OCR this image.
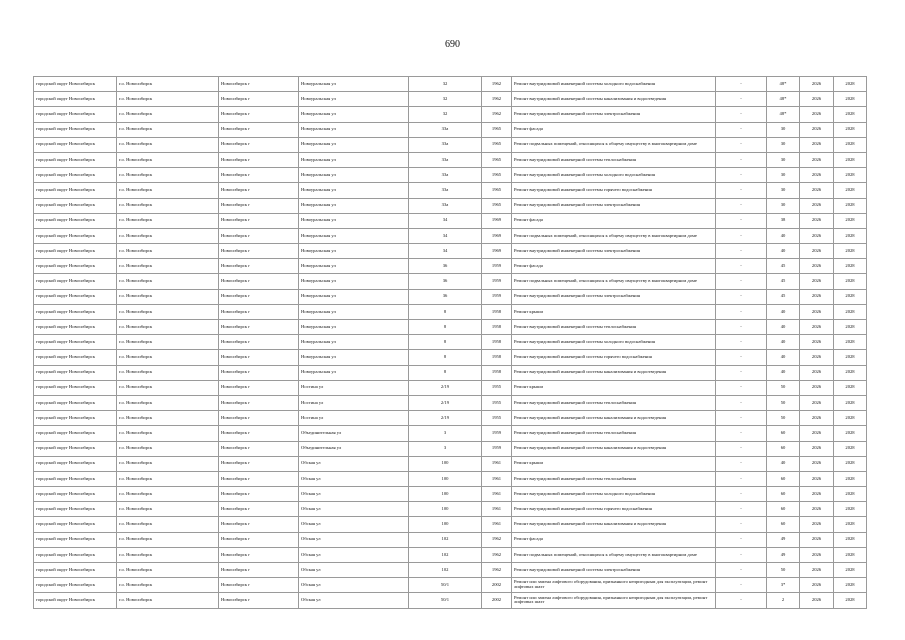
690
городской округ Новосибирск	г.о. Новосибирск	Новосибирск г	Новоуральская ул	32	1962	Ремонт внутридомовой инженерной системы холодного водоснабжения	-	48*	2026	2028
городской округ Новосибирск	г.о. Новосибирск	Новосибирск г	Новоуральская ул	32	1962	Ремонт внутридомовой инженерной системы канализования и водоотведения	-	48*	2026	2028
городской округ Новосибирск	г.о. Новосибирск	Новосибирск г	Новоуральская ул	32	1962	Ремонт внутридомовой инженерной системы электроснабжения	-	48*	2026	2028
городской округ Новосибирск	г.о. Новосибирск	Новосибирск г	Новоуральская ул	33а	1965	Ремонт фасада	-	30	2026	2028
городской округ Новосибирск	г.о. Новосибирск	Новосибирск г	Новоуральская ул	33а	1965	Ремонт подвальных помещений, относящихся к общему имуществу в многоквартирном доме	-	30	2026	2028
городской округ Новосибирск	г.о. Новосибирск	Новосибирск г	Новоуральская ул	33а	1965	Ремонт внутридомовой инженерной системы теплоснабжения	-	30	2026	2028
городской округ Новосибирск	г.о. Новосибирск	Новосибирск г	Новоуральская ул	33а	1965	Ремонт внутридомовой инженерной системы холодного водоснабжения	-	30	2026	2028
городской округ Новосибирск	г.о. Новосибирск	Новосибирск г	Новоуральская ул	33а	1965	Ремонт внутридомовой инженерной системы горячего водоснабжения	-	30	2026	2028
городской округ Новосибирск	г.о. Новосибирск	Новосибирск г	Новоуральская ул	33а	1965	Ремонт внутридомовой инженерной системы электроснабжения	-	30	2026	2028
городской округ Новосибирск	г.о. Новосибирск	Новосибирск г	Новоуральская ул	34	1969	Ремонт фасада	-	38	2026	2028
городской округ Новосибирск	г.о. Новосибирск	Новосибирск г	Новоуральская ул	34	1969	Ремонт подвальных помещений, относящихся к общему имуществу в многоквартирном доме	-	40	2026	2028
городской округ Новосибирск	г.о. Новосибирск	Новосибирск г	Новоуральская ул	34	1969	Ремонт внутридомовой инженерной системы электроснабжения	-	40	2026	2028
городской округ Новосибирск	г.о. Новосибирск	Новосибирск г	Новоуральская ул	36	1959	Ремонт фасада	-	45	2026	2028
городской округ Новосибирск	г.о. Новосибирск	Новосибирск г	Новоуральская ул	36	1959	Ремонт подвальных помещений, относящихся к общему имуществу в многоквартирном доме	-	45	2026	2028
городской округ Новосибирск	г.о. Новосибирск	Новосибирск г	Новоуральская ул	36	1959	Ремонт внутридомовой инженерной системы электроснабжения	-	45	2026	2028
городской округ Новосибирск	г.о. Новосибирск	Новосибирск г	Новоуральская ул	8	1958	Ремонт крыши	-	40	2026	2028
городской округ Новосибирск	г.о. Новосибирск	Новосибирск г	Новоуральская ул	8	1958	Ремонт внутридомовой инженерной системы теплоснабжения	-	40	2026	2028
городской округ Новосибирск	г.о. Новосибирск	Новосибирск г	Новоуральская ул	8	1958	Ремонт внутридомовой инженерной системы холодного водоснабжения	-	40	2026	2028
городской округ Новосибирск	г.о. Новосибирск	Новосибирск г	Новоуральская ул	8	1958	Ремонт внутридомовой инженерной системы горячего водоснабжения	-	40	2026	2028
городской округ Новосибирск	г.о. Новосибирск	Новосибирск г	Новоуральская ул	8	1958	Ремонт внутридомовой инженерной системы канализования и водоотведения	-	40	2026	2028
городской округ Новосибирск	г.о. Новосибирск	Новосибирск г	Ностина ул	2/19	1955	Ремонт крыши	-	50	2026	2028
городской округ Новосибирск	г.о. Новосибирск	Новосибирск г	Ностина ул	2/19	1955	Ремонт внутридомовой инженерной системы теплоснабжения	-	50	2026	2028
городской округ Новосибирск	г.о. Новосибирск	Новосибирск г	Ностина ул	2/19	1955	Ремонт внутридомовой инженерной системы канализования и водоотведения	-	50	2026	2028
городской округ Новосибирск	г.о. Новосибирск	Новосибирск г	Объединительная ул	3	1959	Ремонт внутридомовой инженерной системы теплоснабжения	-	60	2026	2028
городской округ Новосибирск	г.о. Новосибирск	Новосибирск г	Объединительная ул	3	1959	Ремонт внутридомовой инженерной системы канализования и водоотведения	-	60	2026	2028
городской округ Новосибирск	г.о. Новосибирск	Новосибирск г	Обская ул	100	1961	Ремонт крыши	-	40	2026	2028
городской округ Новосибирск	г.о. Новосибирск	Новосибирск г	Обская ул	100	1961	Ремонт внутридомовой инженерной системы теплоснабжения	-	60	2026	2028
городской округ Новосибирск	г.о. Новосибирск	Новосибирск г	Обская ул	100	1961	Ремонт внутридомовой инженерной системы холодного водоснабжения	-	60	2026	2028
городской округ Новосибирск	г.о. Новосибирск	Новосибирск г	Обская ул	100	1961	Ремонт внутридомовой инженерной системы горячего водоснабжения	-	60	2026	2028
городской округ Новосибирск	г.о. Новосибирск	Новосибирск г	Обская ул	100	1961	Ремонт внутридомовой инженерной системы канализования и водоотведения	-	60	2026	2028
городской округ Новосибирск	г.о. Новосибирск	Новосибирск г	Обская ул	102	1962	Ремонт фасада	-	49	2026	2028
городской округ Новосибирск	г.о. Новосибирск	Новосибирск г	Обская ул	102	1962	Ремонт подвальных помещений, относящихся к общему имуществу в многоквартирном доме	-	49	2026	2028
городской округ Новосибирск	г.о. Новосибирск	Новосибирск г	Обская ул	102	1962	Ремонт внутридомовой инженерной системы электроснабжения	-	50	2026	2028
городской округ Новосибирск	г.о. Новосибирск	Новосибирск г	Обская ул	50/1	2002	Ремонт или замена лифтового оборудования, признанного непригодным для эксплуатации, ремонт лифтовых шахт	-	3*	2026	2028
городской округ Новосибирск	г.о. Новосибирск	Новосибирск г	Обская ул	50/1	2002	Ремонт или замена лифтового оборудования, признанного непригодным для эксплуатации, ремонт лифтовых шахт	-	2	2026	2028
